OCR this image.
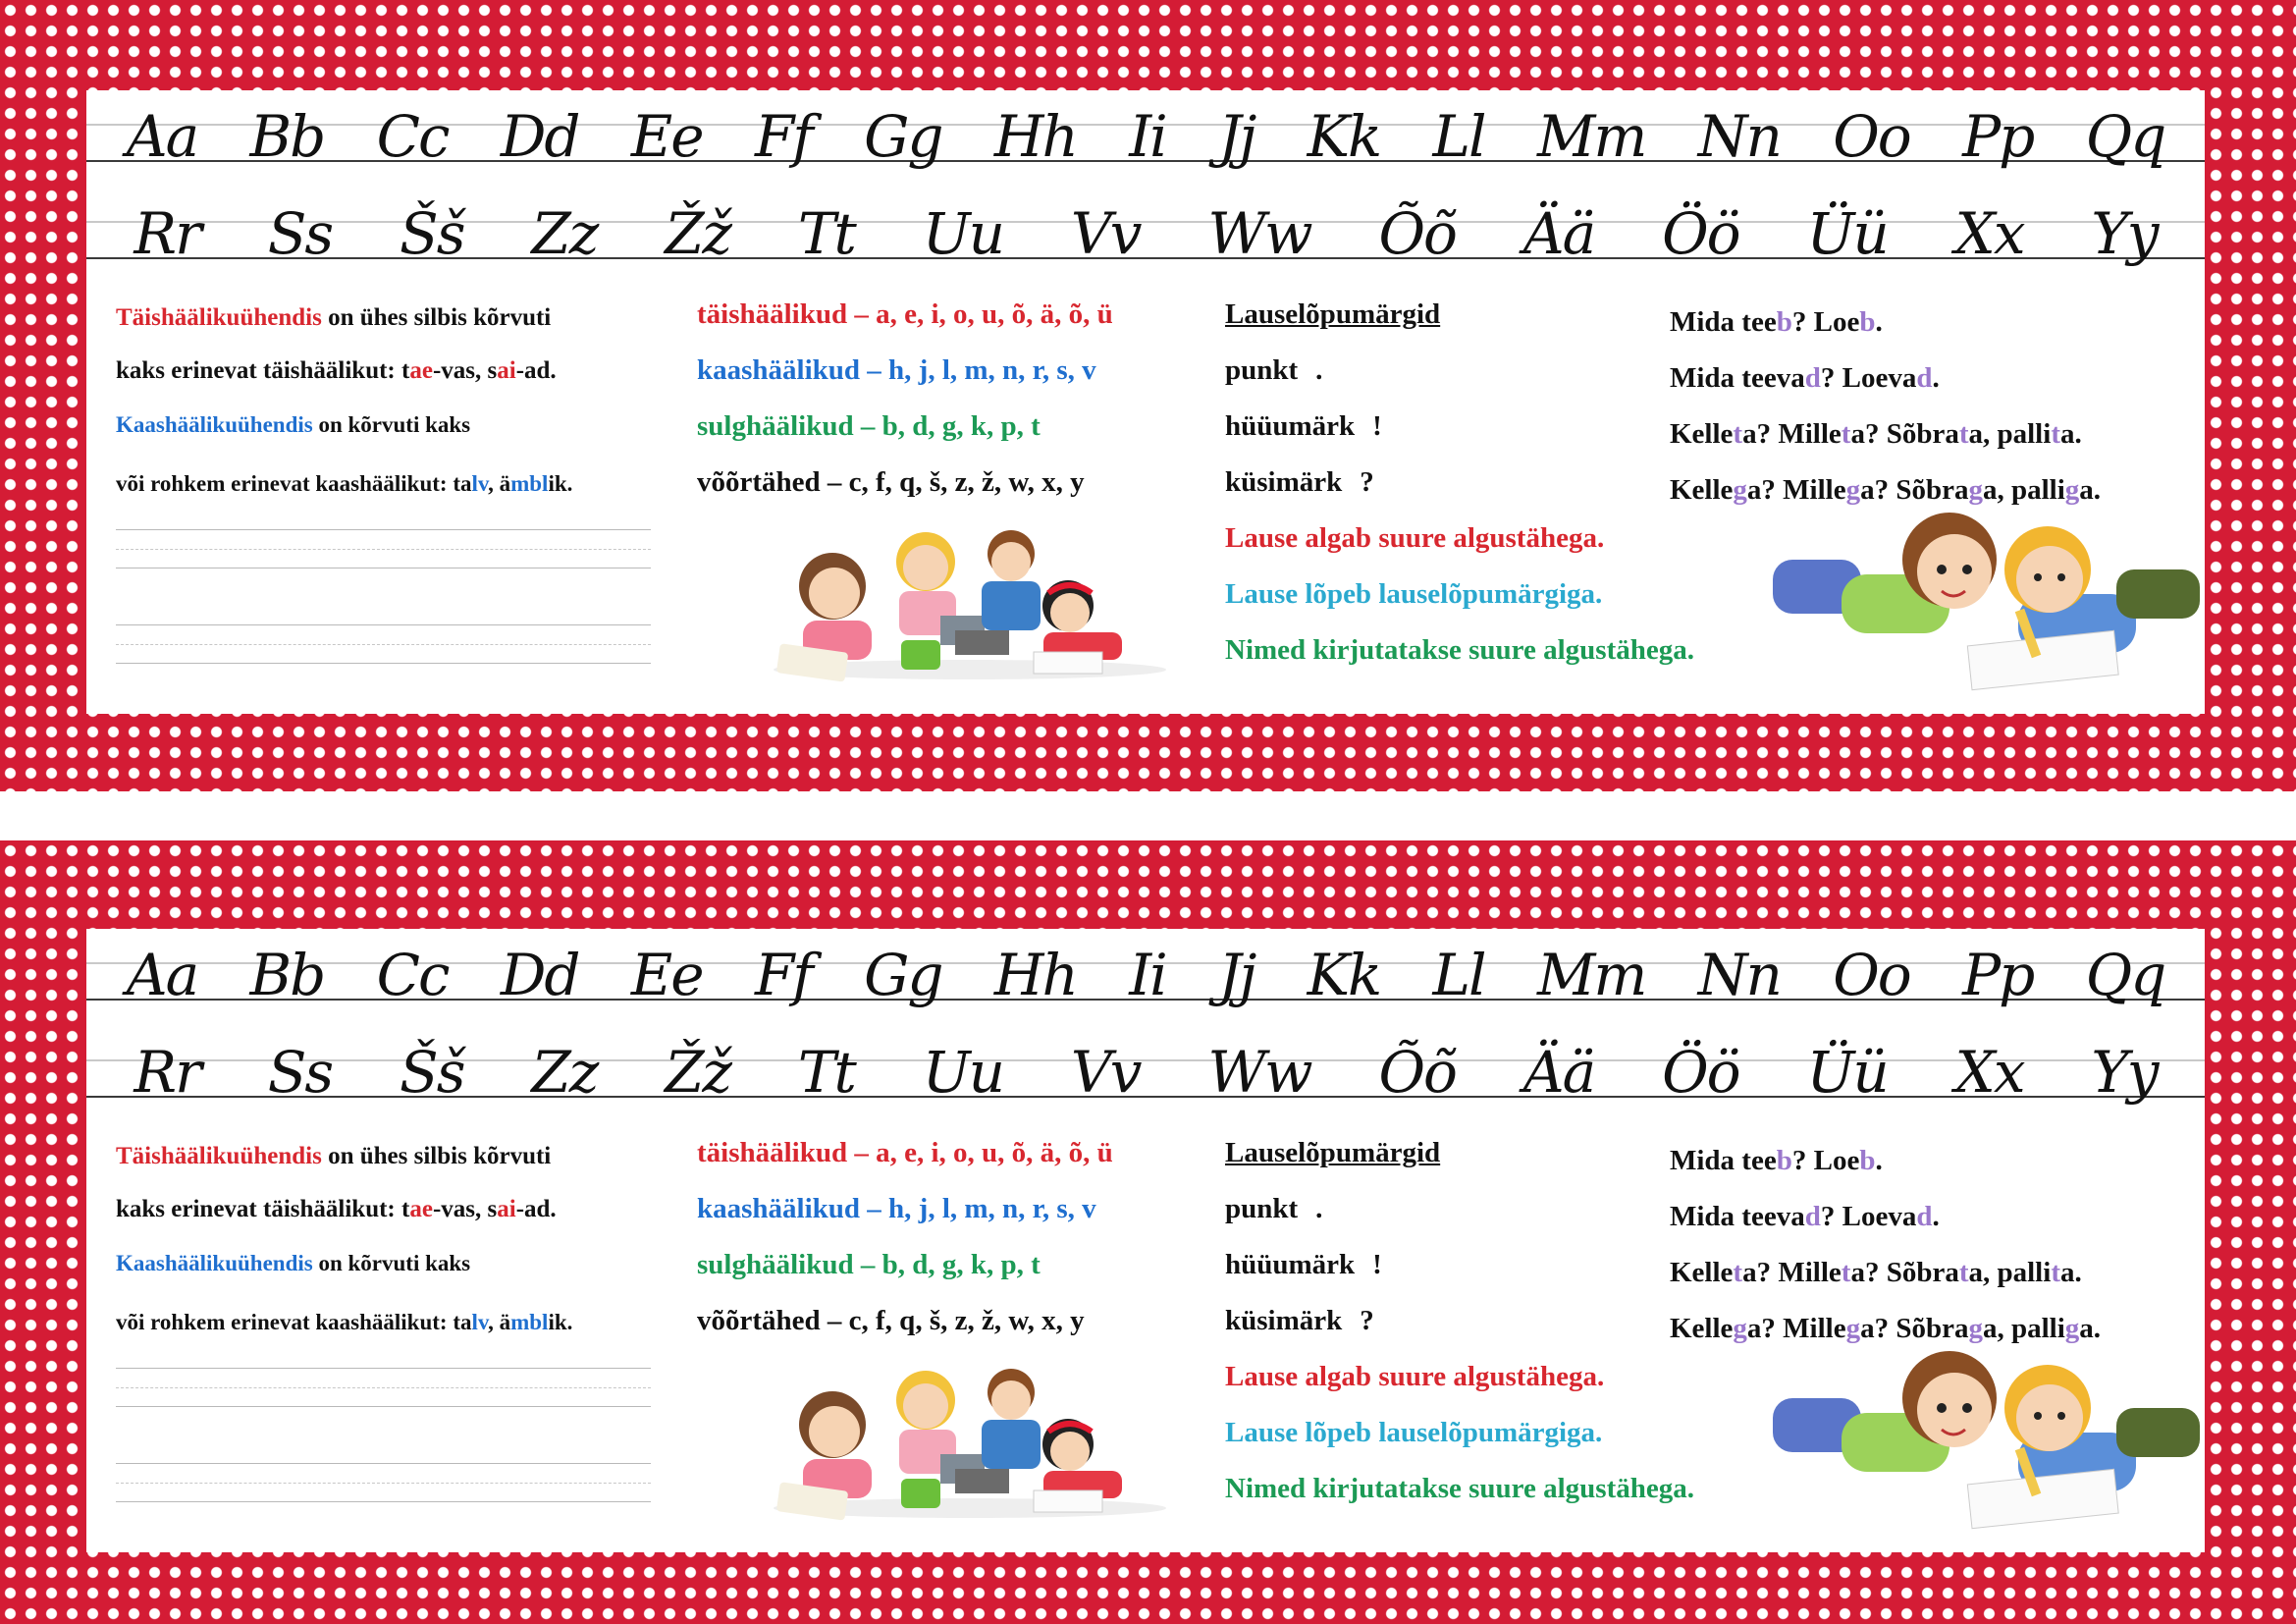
Aa Bb Cc Dd Ee Ff Gg Hh Ii Jj Kk Ll Mm Nn Oo Pp Qq
Rr Ss Šš Zz Žž Tt Uu Vv Ww Õõ Ää Öö Üü Xx Yy
Täishäälikuühendis on ühes silbis kõrvuti
kaks erinevat täishäälikut: tae-vas, sai-ad.
Kaashäälikuühendis on kõrvuti kaks
või rohkem erinevat kaashäälikut: talv, ämblik.
täishäälikud – a, e, i, o, u, õ, ä, õ, ü
kaashäälikud – h, j, l, m, n, r, s, v
sulghäälikud – b, d, g, k, p, t
võõrtähed – c, f, q, š, z, ž, w, x, y
Lauselõpumärgid
punkt .
hüüumärk !
küsimärk ?
Lause algab suure algustähega.
Lause lõpeb lauselõpumärgiga.
Nimed kirjutatakse suure algustähega.
Mida teeb? Loeb.
Mida teevad? Loevad.
Kelleta? Milleta? Sõbrata, pallita.
Kellega? Millega? Sõbraga, palliga.
Aa Bb Cc Dd Ee Ff Gg Hh Ii Jj Kk Ll Mm Nn Oo Pp Qq
Rr Ss Šš Zz Žž Tt Uu Vv Ww Õõ Ää Öö Üü Xx Yy
Täishäälikuühendis on ühes silbis kõrvuti
kaks erinevat täishäälikut: tae-vas, sai-ad.
Kaashäälikuühendis on kõrvuti kaks
või rohkem erinevat kaashäälikut: talv, ämblik.
täishäälikud – a, e, i, o, u, õ, ä, õ, ü
kaashäälikud – h, j, l, m, n, r, s, v
sulghäälikud – b, d, g, k, p, t
võõrtähed – c, f, q, š, z, ž, w, x, y
Lauselõpumärgid
punkt .
hüüumärk !
küsimärk ?
Lause algab suure algustähega.
Lause lõpeb lauselõpumärgiga.
Nimed kirjutatakse suure algustähega.
Mida teeb? Loeb.
Mida teevad? Loevad.
Kelleta? Milleta? Sõbrata, pallita.
Kellega? Millega? Sõbraga, palliga.
